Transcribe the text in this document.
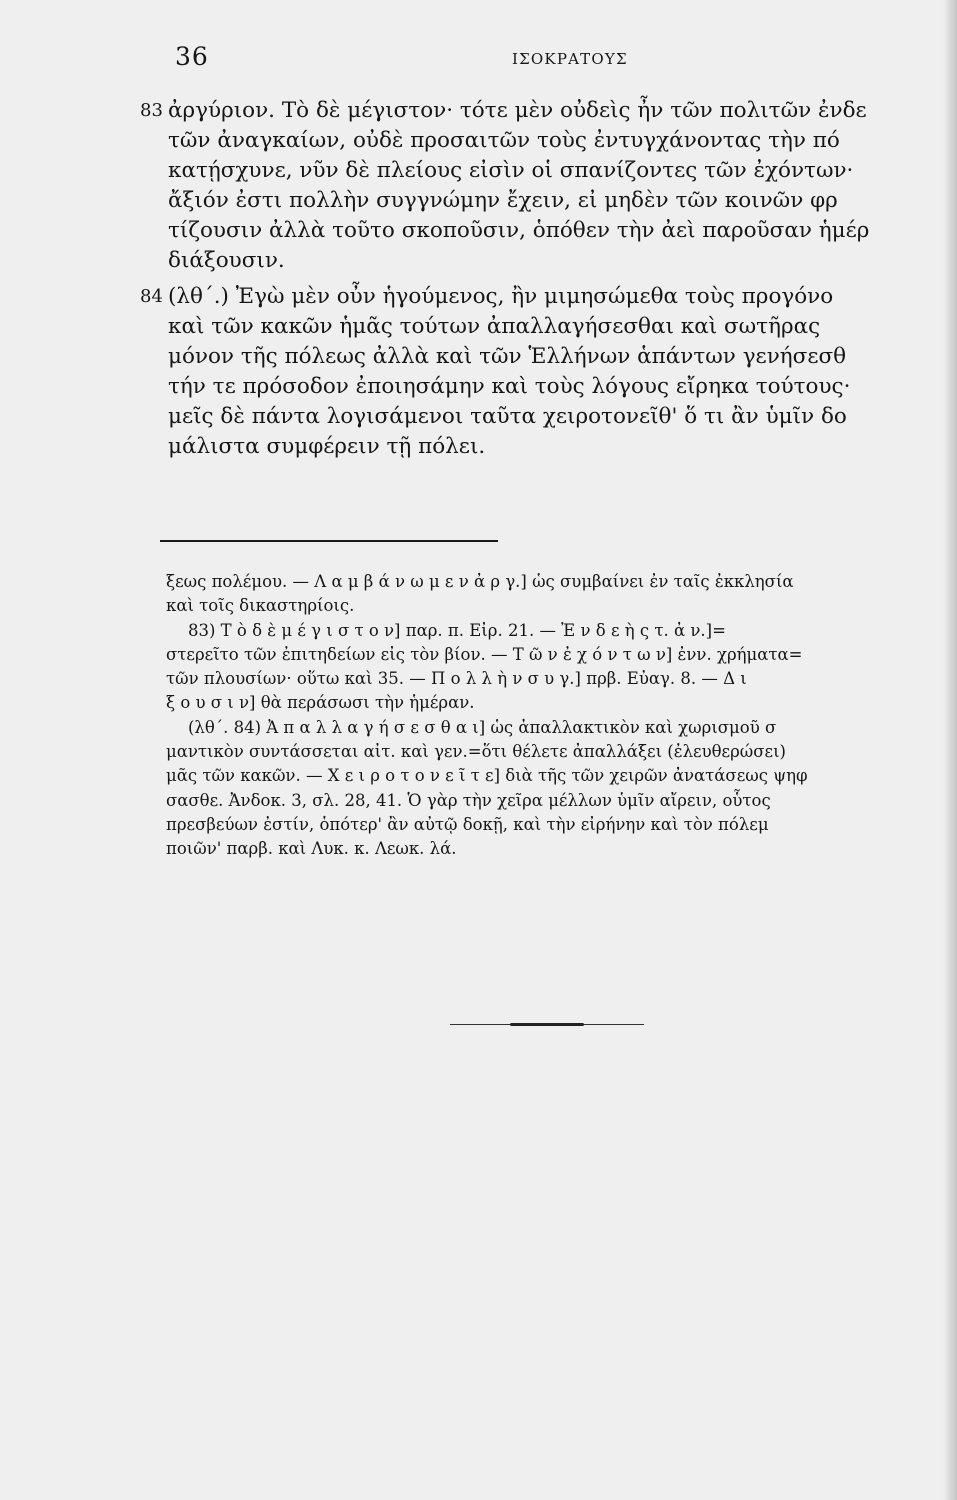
36	ΙΣΟΚΡΑΤΟΥΣ
83 ἀργύριον. Τὸ δὲ μέγιστον· τότε μὲν οὐδεὶς ἦν τῶν πολιτῶν ἐνδε
τῶν ἀναγκαίων, οὐδὲ προσαιτῶν τοὺς ἐντυγχάνοντας τὴν πό
κατῄσχυνε, νῦν δὲ πλείους εἰσὶν οἱ σπανίζοντες τῶν ἐχόντων·
ἄξιόν ἐστι πολλὴν συγγνώμην ἔχειν, εἰ μηδὲν τῶν κοινῶν φρ
τίζουσιν ἀλλὰ τοῦτο σκοποῦσιν, ὁπόθεν τὴν ἀεὶ παροῦσαν ἡμέρ
διάξουσιν.
84 (λθ΄.) Ἐγὼ μὲν οὖν ἡγούμενος, ἢν μιμησώμεθα τοὺς προγόνο
καὶ τῶν κακῶν ἡμᾶς τούτων ἀπαλλαγήσεσθαι καὶ σωτῆρας
μόνον τῆς πόλεως ἀλλὰ καὶ τῶν Ἑλλήνων ἁπάντων γενήσεσθ
τήν τε πρόσοδον ἐποιησάμην καὶ τοὺς λόγους εἴρηκα τούτους·
μεῖς δὲ πάντα λογισάμενοι ταῦτα χειροτονεῖθ' ὅ τι ἂν ὑμῖν δο
μάλιστα συμφέρειν τῇ πόλει.
ξεως πολέμου. — Λ α μ β ά ν ω μ ε ν ἀ ρ γ.] ὡς συμβαίνει ἐν ταῖς ἐκκλησία
καὶ τοῖς δικαστηρίοις.
83) Τ ὸ δ ὲ μ έ γ ι σ τ ο ν] παρ. π. Εἰρ. 21. — Ἐ ν δ ε ὴ ς τ. ἀ ν.]=
στερεῖτο τῶν ἐπιτηδείων εἰς τὸν βίον. — Τ ῶ ν ἐ χ ό ν τ ω ν] ἐνν. χρήματα=
τῶν πλουσίων· οὕτω καὶ 35. — Π ο λ λ ὴ ν σ υ γ.] πρβ. Εὐαγ. 8. — Δ ι
ξ ο υ σ ι ν] θὰ περάσωσι τὴν ἡμέραν.
(λθ΄. 84) Ἀ π α λ λ α γ ή σ ε σ θ α ι] ὡς ἀπαλλακτικὸν καὶ χωρισμοῦ σ
μαντικὸν συντάσσεται αἰτ. καὶ γεν.=ὅτι θέλετε ἀπαλλάξει (ἐλευθερώσει)
μᾶς τῶν κακῶν. — Χ ε ι ρ ο τ ο ν ε ῖ τ ε] διὰ τῆς τῶν χειρῶν ἀνατάσεως ψηφ
σασθε. Ἀνδοκ. 3, σλ. 28, 41. Ὁ γὰρ τὴν χεῖρα μέλλων ὑμῖν αἴρειν, οὗτος
πρεσβεύων ἐστίν, ὁπότερ' ἂν αὐτῷ δοκῇ, καὶ τὴν εἰρήνην καὶ τὸν πόλεμ
ποιῶν' παρβ. καὶ Λυκ. κ. Λεωκ. λά.
